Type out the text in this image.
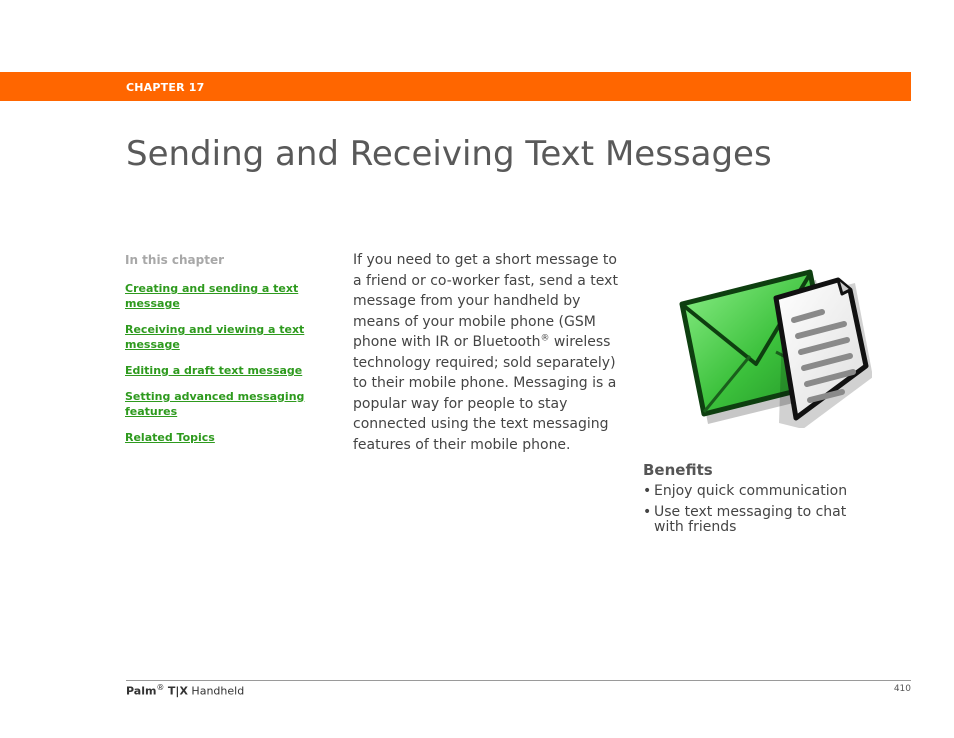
CHAPTER 17
Sending and Receiving Text Messages
In this chapter
Creating and sending a text message
Receiving and viewing a text message
Editing a draft text message
Setting advanced messaging features
Related Topics

If you need to get a short message to a friend or co-worker fast, send a text message from your handheld by means of your mobile phone (GSM phone with IR or Bluetooth® wireless technology required; sold separately) to their mobile phone. Messaging is a popular way for people to stay connected using the text messaging features of their mobile phone.

Benefits
• Enjoy quick communication
• Use text messaging to chat with friends
Palm® T|X Handheld	410
